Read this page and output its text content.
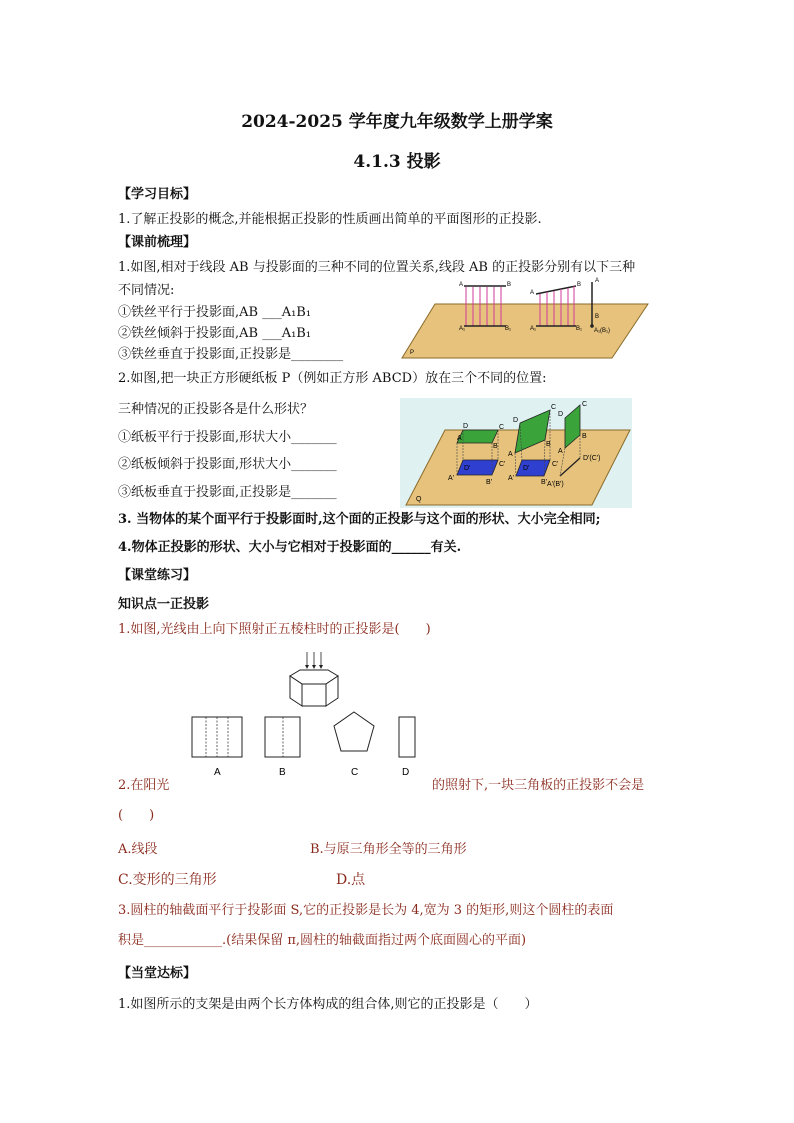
2024-2025 学年度九年级数学上册学案
4.1.3 投影
【学习目标】
1.了解正投影的概念,并能根据正投影的性质画出简单的平面图形的正投影.
【课前梳理】
1.如图,相对于线段 AB 与投影面的三种不同的位置关系,线段 AB 的正投影分别有以下三种
不同情况:
①铁丝平行于投影面,AB ___A₁B₁
②铁丝倾斜于投影面,AB ___A₁B₁
③铁丝垂直于投影面,正投影是________
A	B
A₁	B₁
A
B
A₁	B₁
A
B
A₁(B₁)
P
2.如图,把一块正方形硬纸板 P（例如正方形 ABCD）放在三个不同的位置:
三种情况的正投影各是什么形状？
①纸板平行于投影面,形状大小_______
②纸板倾斜于投影面,形状大小_______
③纸板垂直于投影面,正投影是_______
A
D	C
B
D'
C'
A'
B'
D
C
A
B
D'
C'
A'
B'
D
C
A
B
D'(C')
A'(B')
Q
3. 当物体的某个面平行于投影面时,这个面的正投影与这个面的形状、大小完全相同;
4.物体正投影的形状、大小与它相对于投影面的______有关.
【课堂练习】
知识点一正投影
1.如图,光线由上向下照射正五棱柱时的正投影是(　　)
A	B	C	D
2.在阳光	的照射下,一块三角板的正投影不会是
(　　)
A.线段	B.与原三角形全等的三角形
C.变形的三角形	D.点
3.圆柱的轴截面平行于投影面 S,它的正投影是长为 4,宽为 3 的矩形,则这个圆柱的表面
积是____________.(结果保留 π,圆柱的轴截面指过两个底面圆心的平面)
【当堂达标】
1.如图所示的支架是由两个长方体构成的组合体,则它的正投影是（　　）
